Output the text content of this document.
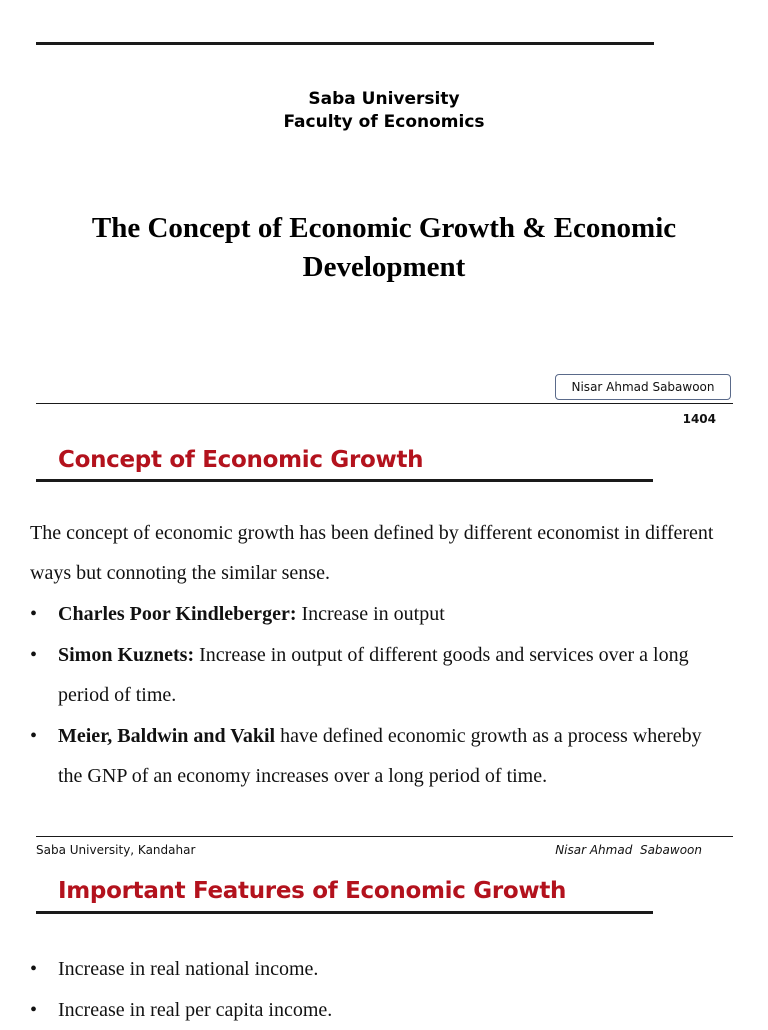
Saba University
Faculty of Economics
The Concept of Economic Growth & Economic Development
Nisar Ahmad Sabawoon
1404
Concept of Economic Growth
The concept of economic growth has been defined by different economist in different ways but connoting the similar sense.
•	Charles Poor Kindleberger: Increase in output
•	Simon Kuznets: Increase in output of different goods and services over a long period of time.
•	Meier, Baldwin and Vakil have defined economic growth as a process whereby the GNP of an economy increases over a long period of time.
Saba University, Kandahar	Nisar Ahmad  Sabawoon
Important Features of Economic Growth
•	Increase in real national income.
•	Increase in real per capita income.
